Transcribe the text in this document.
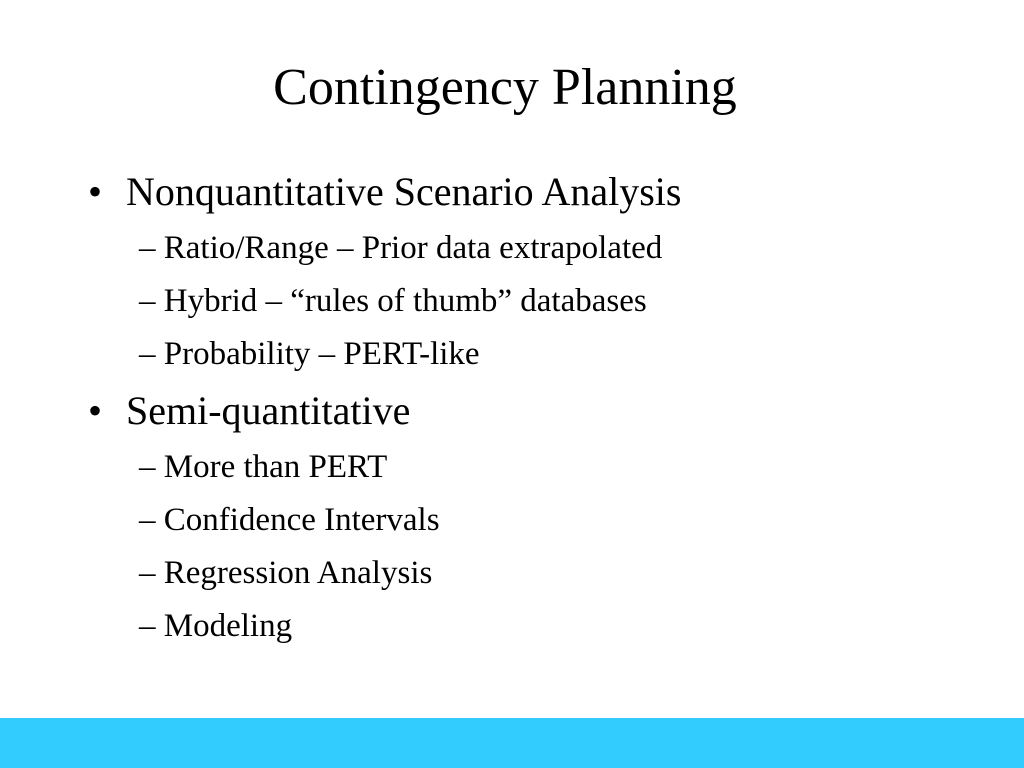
Contingency Planning
• Nonquantitative Scenario Analysis
– Ratio/Range – Prior data extrapolated
– Hybrid – “rules of thumb” databases
– Probability – PERT-like
• Semi-quantitative
– More than PERT
– Confidence Intervals
– Regression Analysis
– Modeling
